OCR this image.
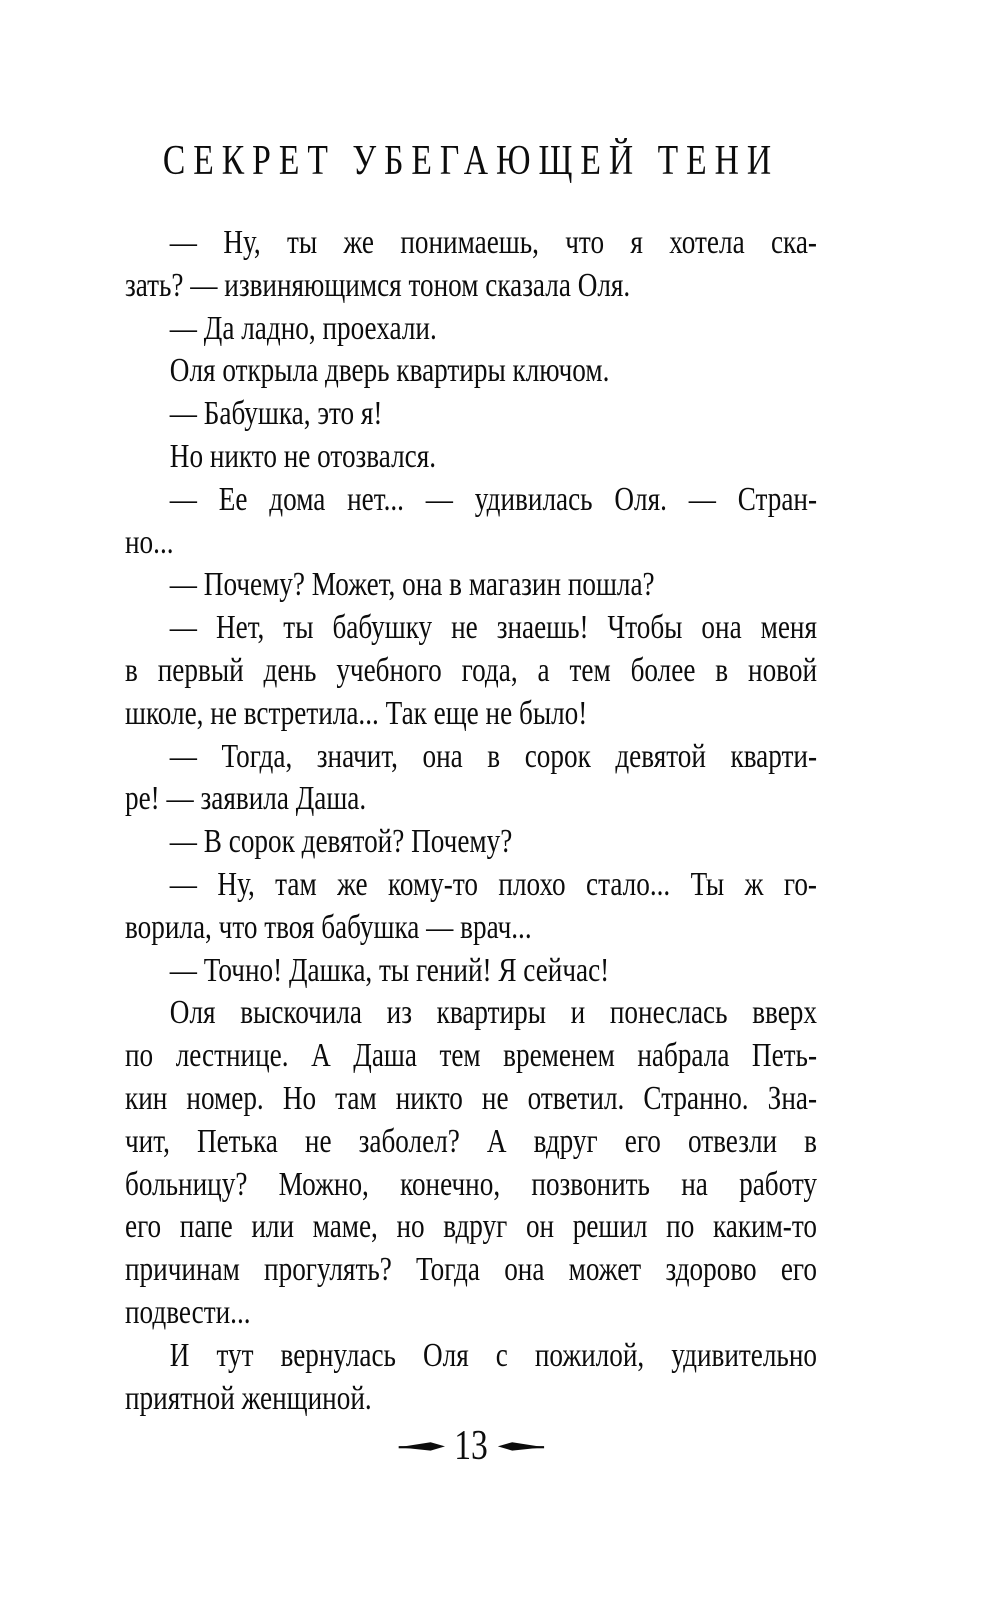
СЕКРЕТ УБЕГАЮЩЕЙ ТЕНИ
— Ну, ты же понимаешь, что я хотела ска-
зать? — извиняющимся тоном сказала Оля.
— Да ладно, проехали.
Оля открыла дверь квартиры ключом.
— Бабушка, это я!
Но никто не отозвался.
— Ее дома нет... — удивилась Оля. — Стран-
но...
— Почему? Может, она в магазин пошла?
— Нет, ты бабушку не знаешь! Чтобы она меня
в первый день учебного года, а тем более в новой
школе, не встретила... Так еще не было!
— Тогда, значит, она в сорок девятой кварти-
ре! — заявила Даша.
— В сорок девятой? Почему?
— Ну, там же кому-то плохо стало... Ты ж го-
ворила, что твоя бабушка — врач...
— Точно! Дашка, ты гений! Я сейчас!
Оля выскочила из квартиры и понеслась вверх
по лестнице. А Даша тем временем набрала Петь-
кин номер. Но там никто не ответил. Странно. Зна-
чит, Петька не заболел? А вдруг его отвезли в
больницу? Можно, конечно, позвонить на работу
его папе или маме, но вдруг он решил по каким-то
причинам прогулять? Тогда она может здорово его
подвести...
И тут вернулась Оля с пожилой, удивительно
приятной женщиной.
13
